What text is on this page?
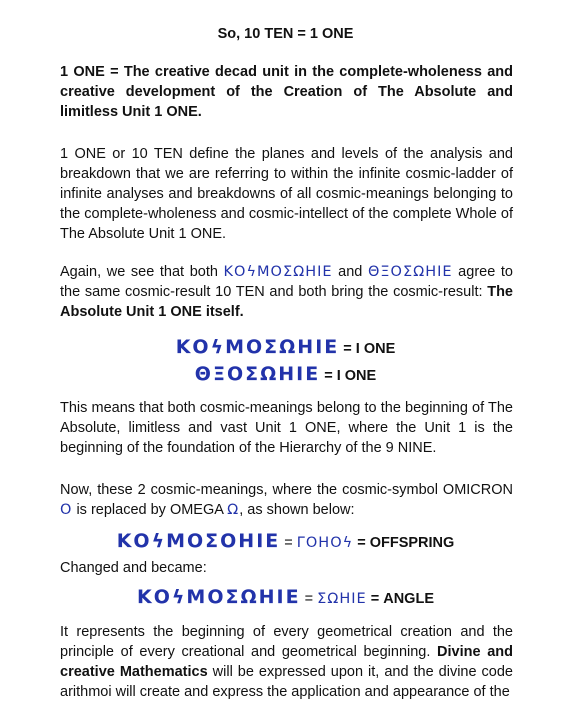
So, 10 TEN = 1 ONE

1 ONE = The creative decad unit in the complete-wholeness and creative development of the Creation of The Absolute and limitless Unit 1 ONE.

1 ONE or 10 TEN define the planes and levels of the analysis and breakdown that we are referring to within the infinite cosmic-ladder of infinite analyses and breakdowns of all cosmic-meanings belonging to the complete-wholeness and cosmic-intellect of the complete Whole of The Absolute Unit 1 ONE.

Again, we see that both ΚΟϟΜΟΣΩΗΙΕ and ΘΞΟΣΩΗΙΕ agree to the same cosmic-result 10 TEN and both bring the cosmic-result: The Absolute Unit 1 ONE itself.

ΚΟϟΜΟΣΩΗΙΕ = I ONE
ΘΞΟΣΩΗΙΕ = I ONE

This means that both cosmic-meanings belong to the beginning of The Absolute, limitless and vast Unit 1 ONE, where the Unit 1 is the beginning of the foundation of the Hierarchy of the 9 NINE.

Now, these 2 cosmic-meanings, where the cosmic-symbol OMICRON O is replaced by OMEGA Ω, as shown below:

ΚΟϟΜΟΣΟΗΙΕ = ΓΟΗΟϟ = OFFSPRING
Changed and became:
ΚΟϟΜΟΣΩΗΙΕ = ΣΩΗΙΕ = ANGLE

It represents the beginning of every geometrical creation and the principle of every creational and geometrical beginning. Divine and creative Mathematics will be expressed upon it, and the divine code arithmoi will create and express the application and appearance of the
